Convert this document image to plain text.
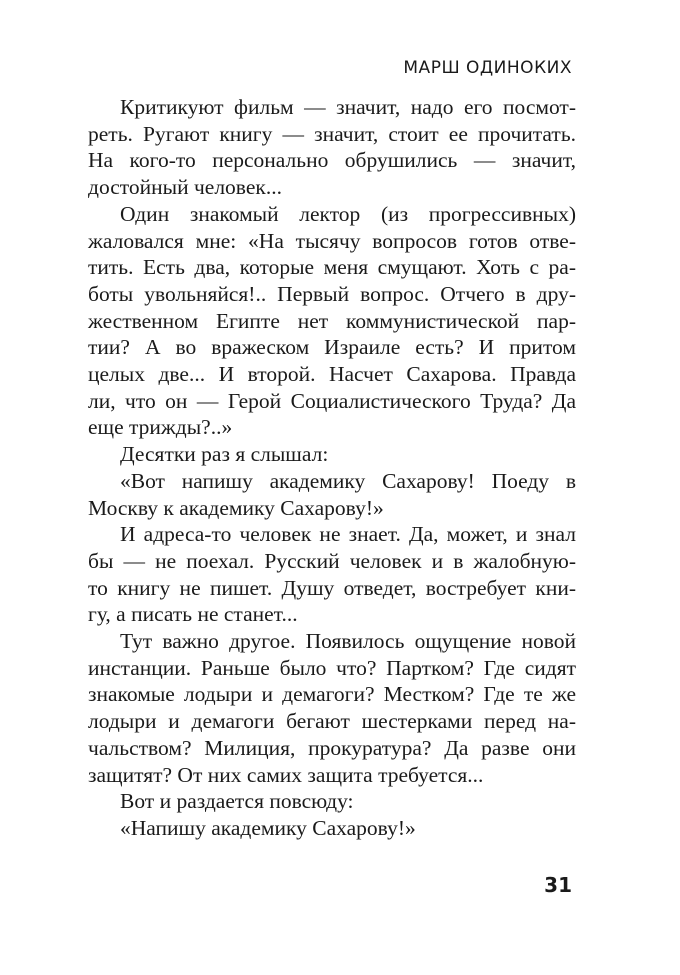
МАРШ ОДИНОКИХ

Критикуют фильм — значит, надо его посмот-
реть. Ругают книгу — значит, стоит ее прочитать.
На кого-то персонально обрушились — значит,
достойный человек...

Один знакомый лектор (из прогрессивных)
жаловался мне: «На тысячу вопросов готов отве-
тить. Есть два, которые меня смущают. Хоть с ра-
боты увольняйся!.. Первый вопрос. Отчего в дру-
жественном Египте нет коммунистической пар-
тии? А во вражеском Израиле есть? И притом
целых две... И второй. Насчет Сахарова. Правда
ли, что он — Герой Социалистического Труда? Да
еще трижды?..»

Десятки раз я слышал:

«Вот напишу академику Сахарову! Поеду в
Москву к академику Сахарову!»

И адреса-то человек не знает. Да, может, и знал
бы — не поехал. Русский человек и в жалобную-
то книгу не пишет. Душу отведет, востребует кни-
гу, а писать не станет...

Тут важно другое. Появилось ощущение новой
инстанции. Раньше было что? Партком? Где сидят
знакомые лодыри и демагоги? Местком? Где те же
лодыри и демагоги бегают шестерками перед на-
чальством? Милиция, прокуратура? Да разве они
защитят? От них самих защита требуется...

Вот и раздается повсюду:

«Напишу академику Сахарову!»

31
